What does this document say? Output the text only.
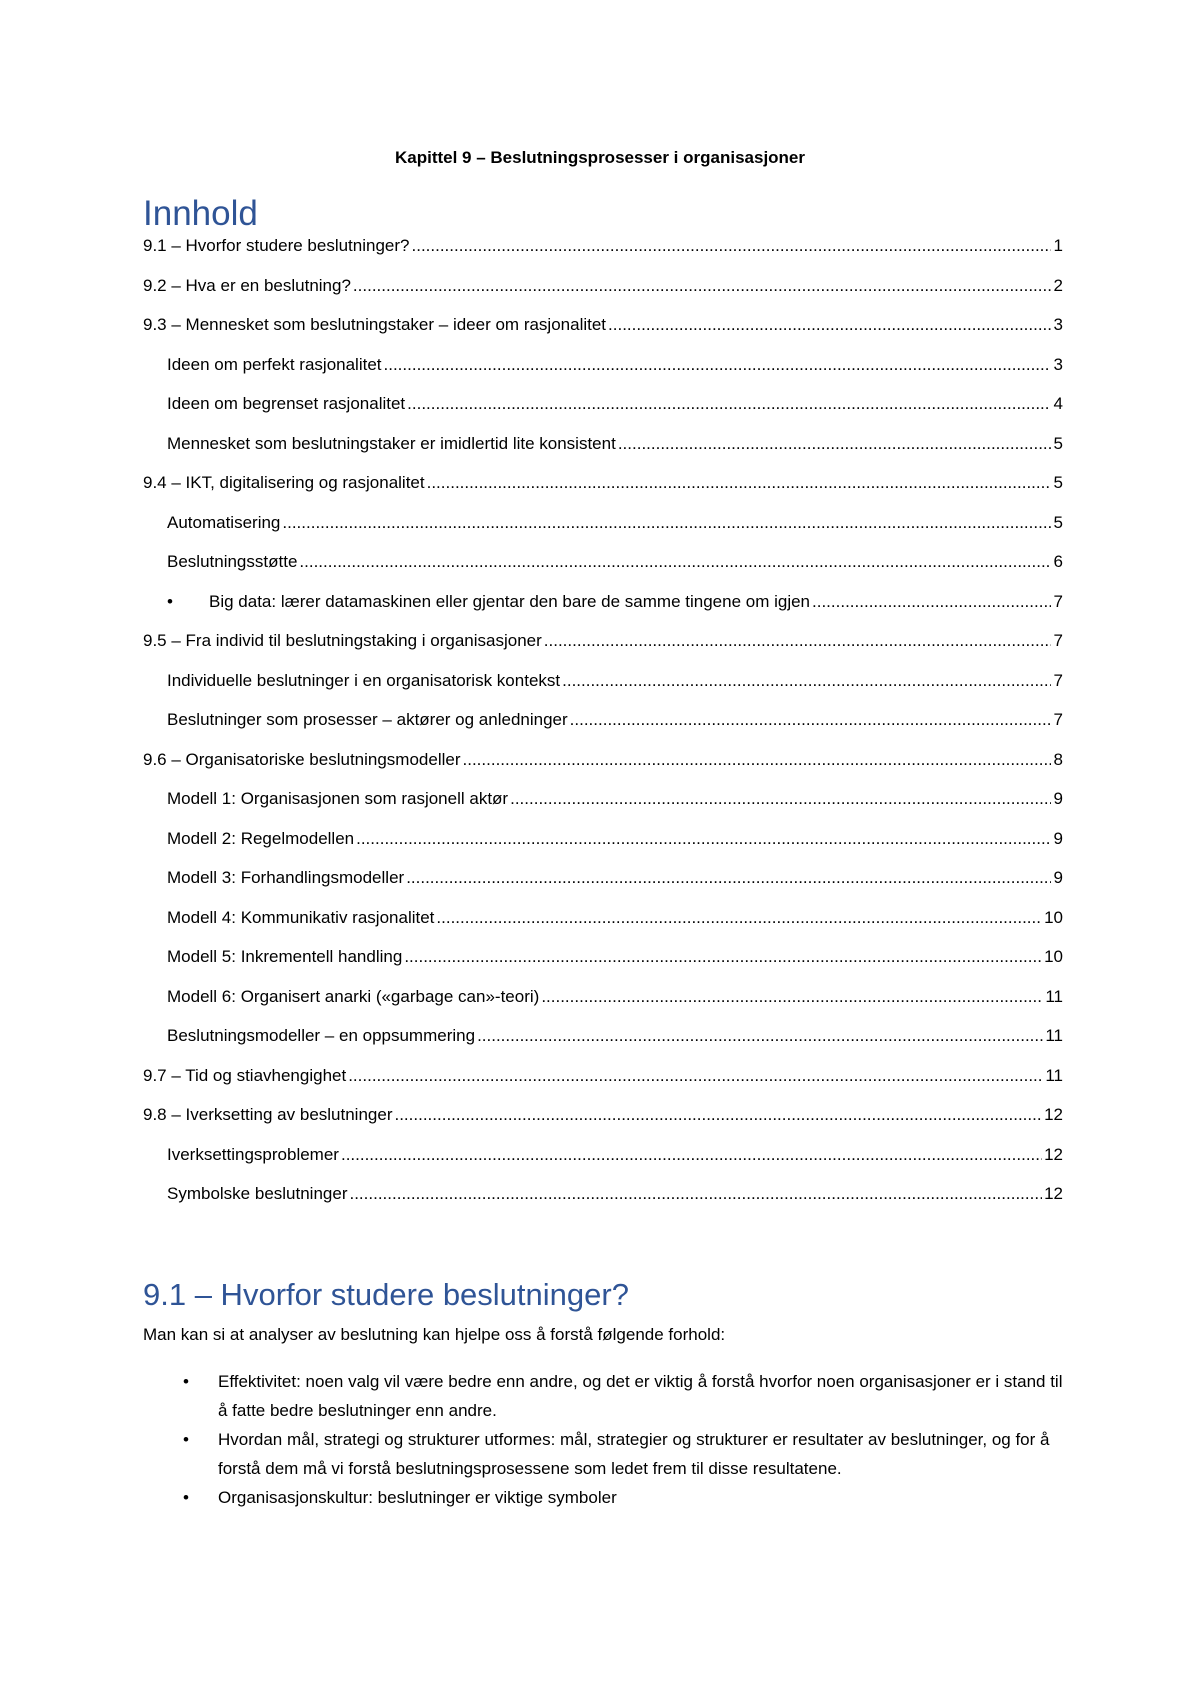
Kapittel 9 – Beslutningsprosesser i organisasjoner
Innhold
9.1 – Hvorfor studere beslutninger? .....	1
9.2 – Hva er en beslutning? .....	2
9.3 – Mennesket som beslutningstaker – ideer om rasjonalitet .....	3
Ideen om perfekt rasjonalitet .....	3
Ideen om begrenset rasjonalitet .....	4
Mennesket som beslutningstaker er imidlertid lite konsistent .....	5
9.4 – IKT, digitalisering og rasjonalitet .....	5
Automatisering .....	5
Beslutningsstøtte .....	6
•	Big data: lærer datamaskinen eller gjentar den bare de samme tingene om igjen .....	7
9.5 – Fra individ til beslutningstaking i organisasjoner .....	7
Individuelle beslutninger i en organisatorisk kontekst .....	7
Beslutninger som prosesser – aktører og anledninger .....	7
9.6 – Organisatoriske beslutningsmodeller .....	8
Modell 1: Organisasjonen som rasjonell aktør .....	9
Modell 2: Regelmodellen .....	9
Modell 3: Forhandlingsmodeller .....	9
Modell 4: Kommunikativ rasjonalitet .....	10
Modell 5: Inkrementell handling .....	10
Modell 6: Organisert anarki («garbage can»-teori) .....	11
Beslutningsmodeller – en oppsummering .....	11
9.7 – Tid og stiavhengighet .....	11
9.8 – Iverksetting av beslutninger .....	12
Iverksettingsproblemer .....	12
Symbolske beslutninger .....	12
9.1 – Hvorfor studere beslutninger?
Man kan si at analyser av beslutning kan hjelpe oss å forstå følgende forhold:
• Effektivitet: noen valg vil være bedre enn andre, og det er viktig å forstå hvorfor noen organisasjoner er i stand til å fatte bedre beslutninger enn andre.
• Hvordan mål, strategi og strukturer utformes: mål, strategier og strukturer er resultater av beslutninger, og for å forstå dem må vi forstå beslutningsprosessene som ledet frem til disse resultatene.
• Organisasjonskultur: beslutninger er viktige symboler
